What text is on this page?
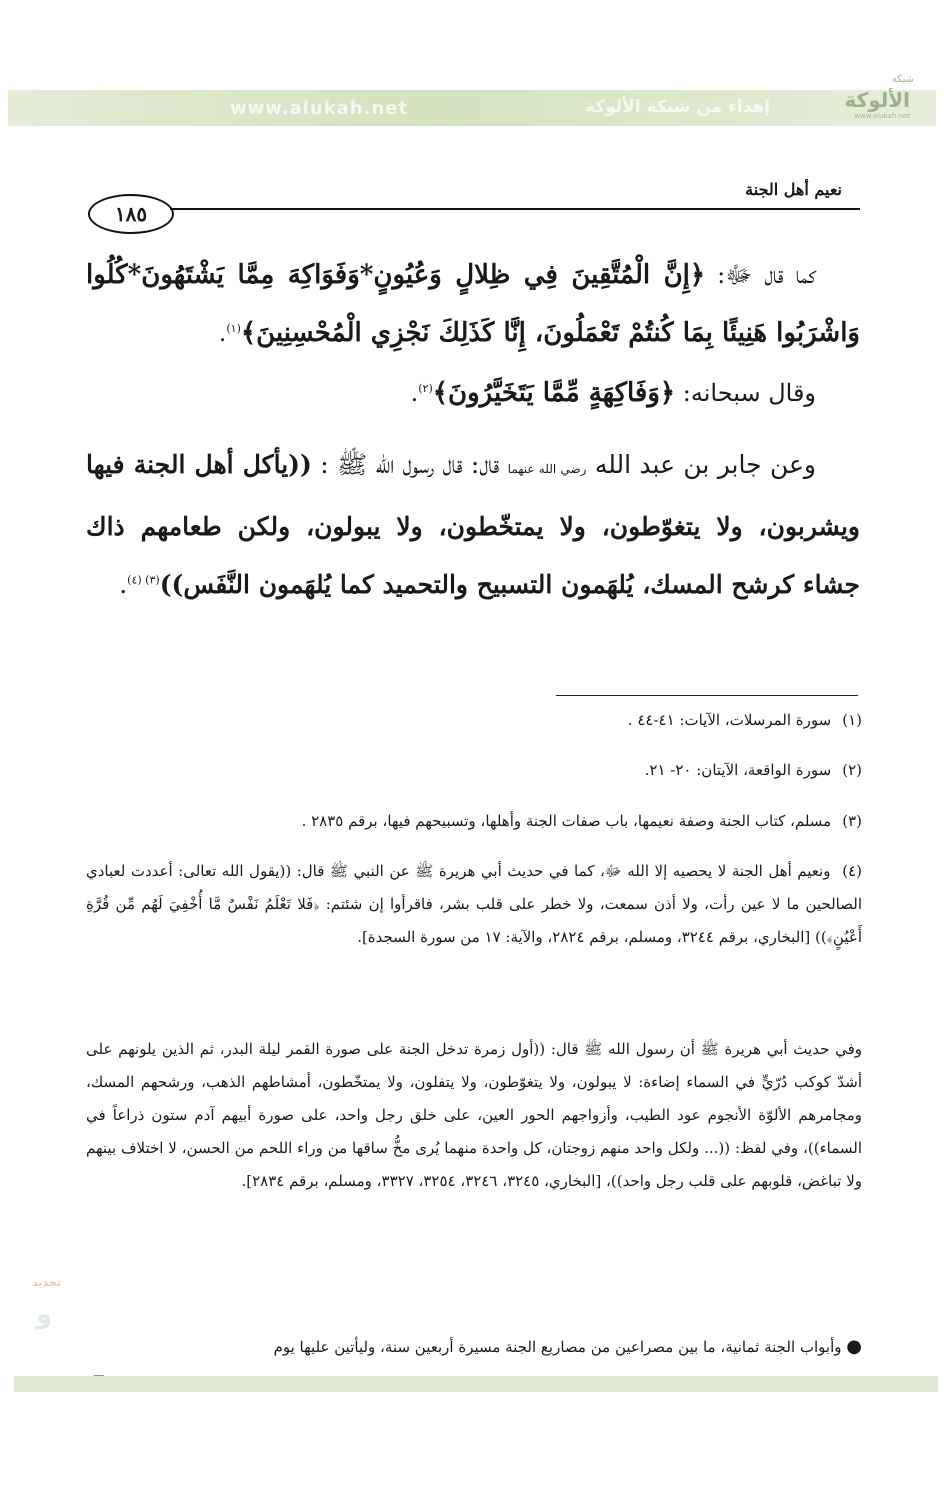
www.alukah.net	إهداء من شبكة الألوكة
شبكة
الألوكة
www.alukah.net
نعيم أهل الجنة
١٨٥
كما قال ﷻ: ﴿إِنَّ الْمُتَّقِينَ فِي ظِلالٍ وَعُيُونٍ*وَفَوَاكِهَ مِمَّا يَشْتَهُونَ*كُلُوا وَاشْرَبُوا هَنِيئًا بِمَا كُنتُمْ تَعْمَلُونَ، إِنَّا كَذَلِكَ نَجْزِي الْمُحْسِنِينَ﴾$^{(١)}$.
وقال سبحانه: ﴿وَفَاكِهَةٍ مِّمَّا يَتَخَيَّرُونَ﴾$^{(٢)}$.
وعن جابر بن عبد الله رضي الله عنهما قال: قال رسول الله ﷺ : ((يأكل أهل الجنة فيها ويشربون، ولا يتغوّطون، ولا يمتخّطون، ولا يبولون، ولكن طعامهم ذاك جشاء كرشح المسك، يُلهَمون التسبيح والتحميد كما يُلهَمون النَّفَس))$^{(٣) (٤)}$.
(١) سورة المرسلات، الآيات: ٤١-٤٤ .
(٢) سورة الواقعة، الآيتان: ٢٠- ٢١.
(٣) مسلم، كتاب الجنة وصفة نعيمها، باب صفات الجنة وأهلها، وتسبيحهم فيها، برقم ٢٨٣٥ .
(٤) ونعيم أهل الجنة لا يحصيه إلا الله ﷻ، كما في حديث أبي هريرة ﷺ عن النبي ﷺ قال: ((يقول الله تعالى: أعددت لعبادي الصالحين ما لا عين رأت، ولا أذن سمعت، ولا خطر على قلب بشر، فاقرأوا إن شئتم: ﴿فَلا تَعْلَمُ نَفْسٌ مَّا أُخْفِيَ لَهُم مِّن قُرَّةِ أَعْيُنٍ﴾)) [البخاري، برقم ٣٢٤٤، ومسلم، برقم ٢٨٢٤، والآية: ١٧ من سورة السجدة].
وفي حديث أبي هريرة ﷺ أن رسول الله ﷺ قال: ((أول زمرة تدخل الجنة على صورة القمر ليلة البدر، ثم الذين يلونهم على أشدّ كوكب دُرّيٍّ في السماء إضاءة: لا يبولون، ولا يتغوّطون، ولا يتفلون، ولا يمتخّطون، أمشاطهم الذهب، ورشحهم المسك، ومجامرهم الألوّة الأنجوم عود الطيب، وأزواجهم الحور العين، على خلق رجل واحد، على صورة أبيهم آدم ستون ذراعاً في السماء))، وفي لفظ: ((... ولكل واحد منهم زوجتان، كل واحدة منهما يُرى مخُّ ساقها من وراء اللحم من الحسن، لا اختلاف بينهم ولا تباغض، قلوبهم على قلب رجل واحد))، [البخاري، ٣٢٤٥، ٣٢٤٦، ٣٢٥٤، ٣٣٢٧، ومسلم، برقم ٢٨٣٤].
● وأبواب الجنة ثمانية، ما بين مصراعين من مصاريع الجنة مسيرة أربعين سنة، وليأتين عليها يوم
تجديد
و
